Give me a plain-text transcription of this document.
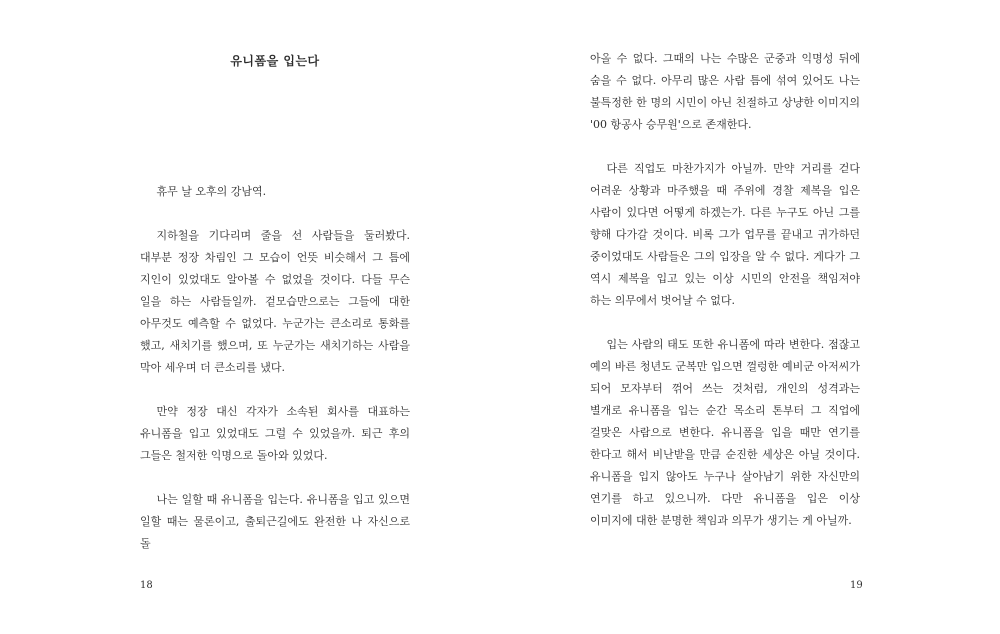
유니폼을 입는다

휴무 날 오후의 강남역.

지하철을 기다리며 줄을 선 사람들을 둘러봤다. 대부분 정장 차림인 그 모습이 언뜻 비슷해서 그 틈에 지인이 있었대도 알아볼 수 없었을 것이다. 다들 무슨 일을 하는 사람들일까. 겉모습만으로는 그들에 대한 아무것도 예측할 수 없었다. 누군가는 큰소리로 통화를 했고, 새치기를 했으며, 또 누군가는 새치기하는 사람을 막아 세우며 더 큰소리를 냈다.

만약 정장 대신 각자가 소속된 회사를 대표하는 유니폼을 입고 있었대도 그럴 수 있었을까. 퇴근 후의 그들은 철저한 익명으로 돌아와 있었다.

나는 일할 때 유니폼을 입는다. 유니폼을 입고 있으면 일할 때는 물론이고, 출퇴근길에도 완전한 나 자신으로 돌

18

아올 수 없다. 그때의 나는 수많은 군중과 익명성 뒤에 숨을 수 없다. 아무리 많은 사람 틈에 섞여 있어도 나는 불특정한 한 명의 시민이 아닌 친절하고 상냥한 이미지의 '00 항공사 승무원'으로 존재한다.

다른 직업도 마찬가지가 아닐까. 만약 거리를 걷다 어려운 상황과 마주했을 때 주위에 경찰 제복을 입은 사람이 있다면 어떻게 하겠는가. 다른 누구도 아닌 그를 향해 다가갈 것이다. 비록 그가 업무를 끝내고 귀가하던 중이었대도 사람들은 그의 입장을 알 수 없다. 게다가 그 역시 제복을 입고 있는 이상 시민의 안전을 책임져야 하는 의무에서 벗어날 수 없다.

입는 사람의 태도 또한 유니폼에 따라 변한다. 점잖고 예의 바른 청년도 군복만 입으면 껄렁한 예비군 아저씨가 되어 모자부터 꺾어 쓰는 것처럼, 개인의 성격과는 별개로 유니폼을 입는 순간 목소리 톤부터 그 직업에 걸맞은 사람으로 변한다. 유니폼을 입을 때만 연기를 한다고 해서 비난받을 만큼 순진한 세상은 아닐 것이다. 유니폼을 입지 않아도 누구나 살아남기 위한 자신만의 연기를 하고 있으니까. 다만 유니폼을 입은 이상 이미지에 대한 분명한 책임과 의무가 생기는 게 아닐까.

19
